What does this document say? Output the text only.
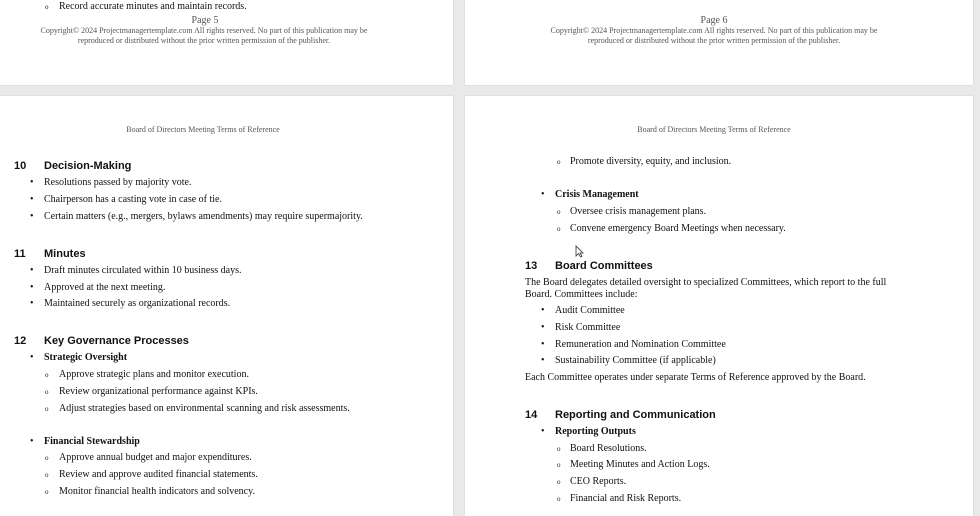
o Record accurate minutes and maintain records.
Page 5
Copyright© 2024 Projectmanagertemplate.com All rights reserved. No part of this publication may be
reproduced or distributed without the prior written permission of the publisher.
Page 6
Copyright© 2024 Projectmanagertemplate.com All rights reserved. No part of this publication may be
reproduced or distributed without the prior written permission of the publisher.
Board of Directors Meeting Terms of Reference
10 Decision-Making
• Resolutions passed by majority vote.
• Chairperson has a casting vote in case of tie.
• Certain matters (e.g., mergers, bylaws amendments) may require supermajority.
11 Minutes
• Draft minutes circulated within 10 business days.
• Approved at the next meeting.
• Maintained securely as organizational records.
12 Key Governance Processes
• Strategic Oversight
o Approve strategic plans and monitor execution.
o Review organizational performance against KPIs.
o Adjust strategies based on environmental scanning and risk assessments.
• Financial Stewardship
o Approve annual budget and major expenditures.
o Review and approve audited financial statements.
o Monitor financial health indicators and solvency.
Board of Directors Meeting Terms of Reference
o Promote diversity, equity, and inclusion.
• Crisis Management
o Oversee crisis management plans.
o Convene emergency Board Meetings when necessary.
13 Board Committees
The Board delegates detailed oversight to specialized Committees, which report to the full
Board. Committees include:
• Audit Committee
• Risk Committee
• Remuneration and Nomination Committee
• Sustainability Committee (if applicable)
Each Committee operates under separate Terms of Reference approved by the Board.
14 Reporting and Communication
• Reporting Outputs
o Board Resolutions.
o Meeting Minutes and Action Logs.
o CEO Reports.
o Financial and Risk Reports.
